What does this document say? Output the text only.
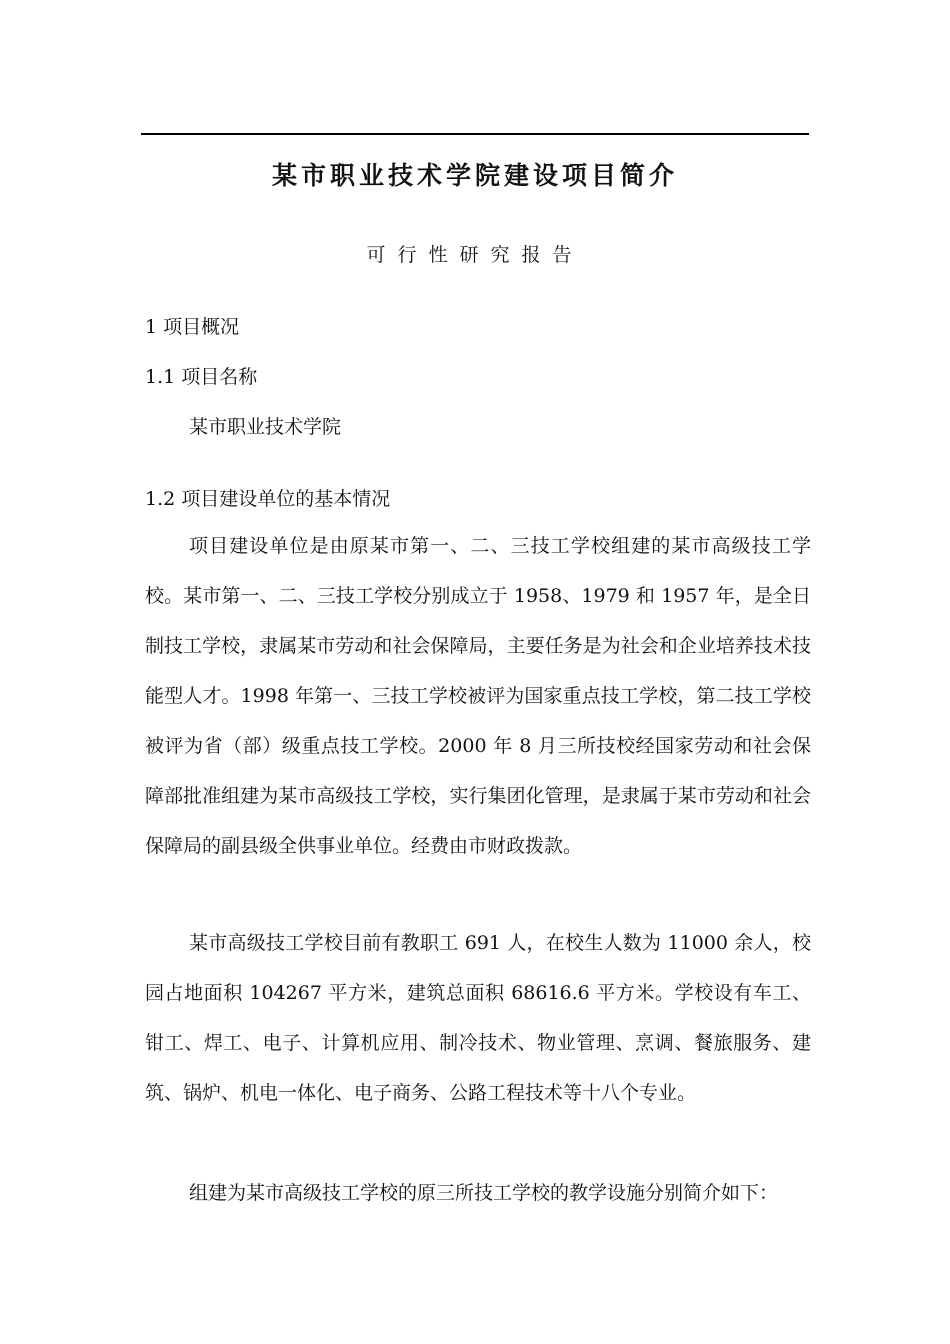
某市职业技术学院建设项目简介
可行性研究报告
1 项目概况
1.1 项目名称
某市职业技术学院
1.2 项目建设单位的基本情况

项目建设单位是由原某市第一、二、三技工学校组建的某市高级技工学校。某市第一、二、三技工学校分别成立于 1958、1979 和 1957 年，是全日制技工学校，隶属某市劳动和社会保障局，主要任务是为社会和企业培养技术技能型人才。1998 年第一、三技工学校被评为国家重点技工学校，第二技工学校被评为省（部）级重点技工学校。2000 年 8 月三所技校经国家劳动和社会保障部批准组建为某市高级技工学校，实行集团化管理，是隶属于某市劳动和社会保障局的副县级全供事业单位。经费由市财政拨款。

某市高级技工学校目前有教职工 691 人，在校生人数为 11000 余人，校园占地面积 104267 平方米，建筑总面积 68616.6 平方米。学校设有车工、钳工、焊工、电子、计算机应用、制冷技术、物业管理、烹调、餐旅服务、建筑、锅炉、机电一体化、电子商务、公路工程技术等十八个专业。

组建为某市高级技工学校的原三所技工学校的教学设施分别简介如下：
